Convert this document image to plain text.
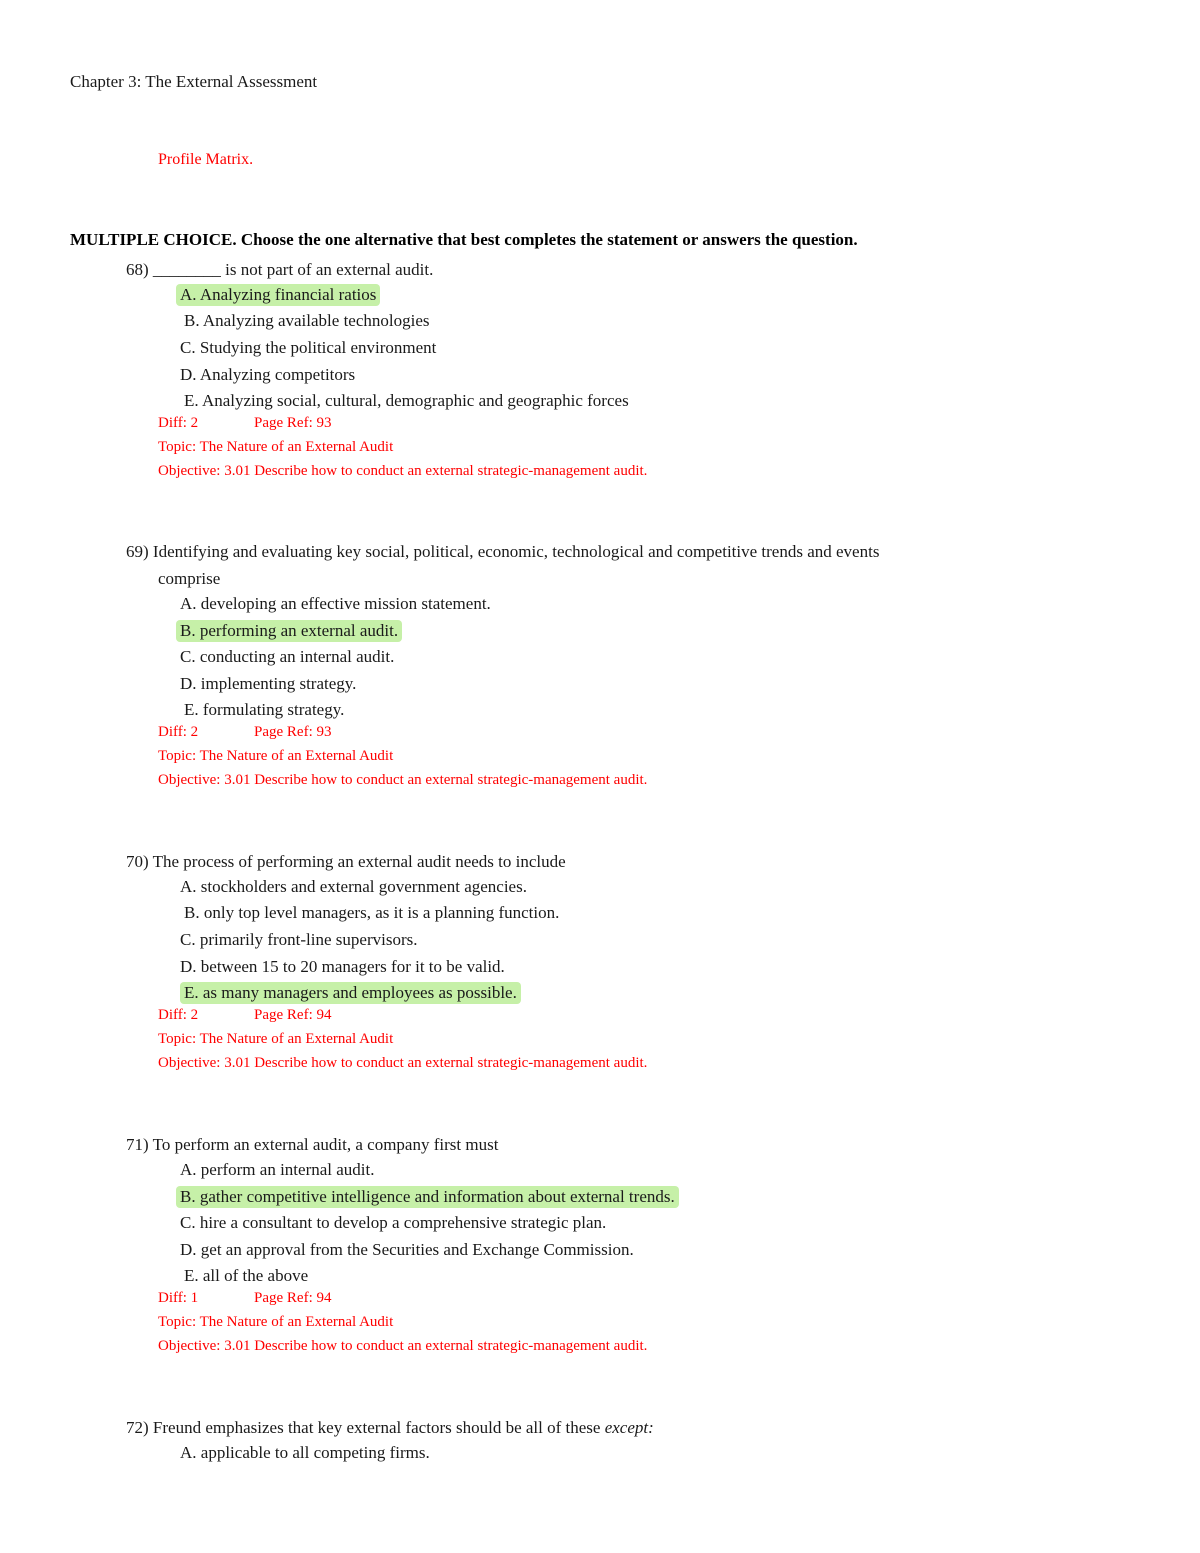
Chapter 3: The External Assessment
Profile Matrix.
MULTIPLE CHOICE. Choose the one alternative that best completes the statement or answers the question.
68) ________ is not part of an external audit.
A. Analyzing financial ratios
B. Analyzing available technologies
C. Studying the political environment
D. Analyzing competitors
E. Analyzing social, cultural, demographic and geographic forces
Diff: 2	Page Ref: 93
Topic: The Nature of an External Audit
Objective: 3.01 Describe how to conduct an external strategic-management audit.
69) Identifying and evaluating key social, political, economic, technological and competitive trends and events
comprise
A. developing an effective mission statement.
B. performing an external audit.
C. conducting an internal audit.
D. implementing strategy.
E. formulating strategy.
Diff: 2	Page Ref: 93
Topic: The Nature of an External Audit
Objective: 3.01 Describe how to conduct an external strategic-management audit.
70) The process of performing an external audit needs to include
A. stockholders and external government agencies.
B. only top level managers, as it is a planning function.
C. primarily front-line supervisors.
D. between 15 to 20 managers for it to be valid.
E. as many managers and employees as possible.
Diff: 2	Page Ref: 94
Topic: The Nature of an External Audit
Objective: 3.01 Describe how to conduct an external strategic-management audit.
71) To perform an external audit, a company first must
A. perform an internal audit.
B. gather competitive intelligence and information about external trends.
C. hire a consultant to develop a comprehensive strategic plan.
D. get an approval from the Securities and Exchange Commission.
E. all of the above
Diff: 1	Page Ref: 94
Topic: The Nature of an External Audit
Objective: 3.01 Describe how to conduct an external strategic-management audit.
72) Freund emphasizes that key external factors should be all of these except:
A. applicable to all competing firms.
